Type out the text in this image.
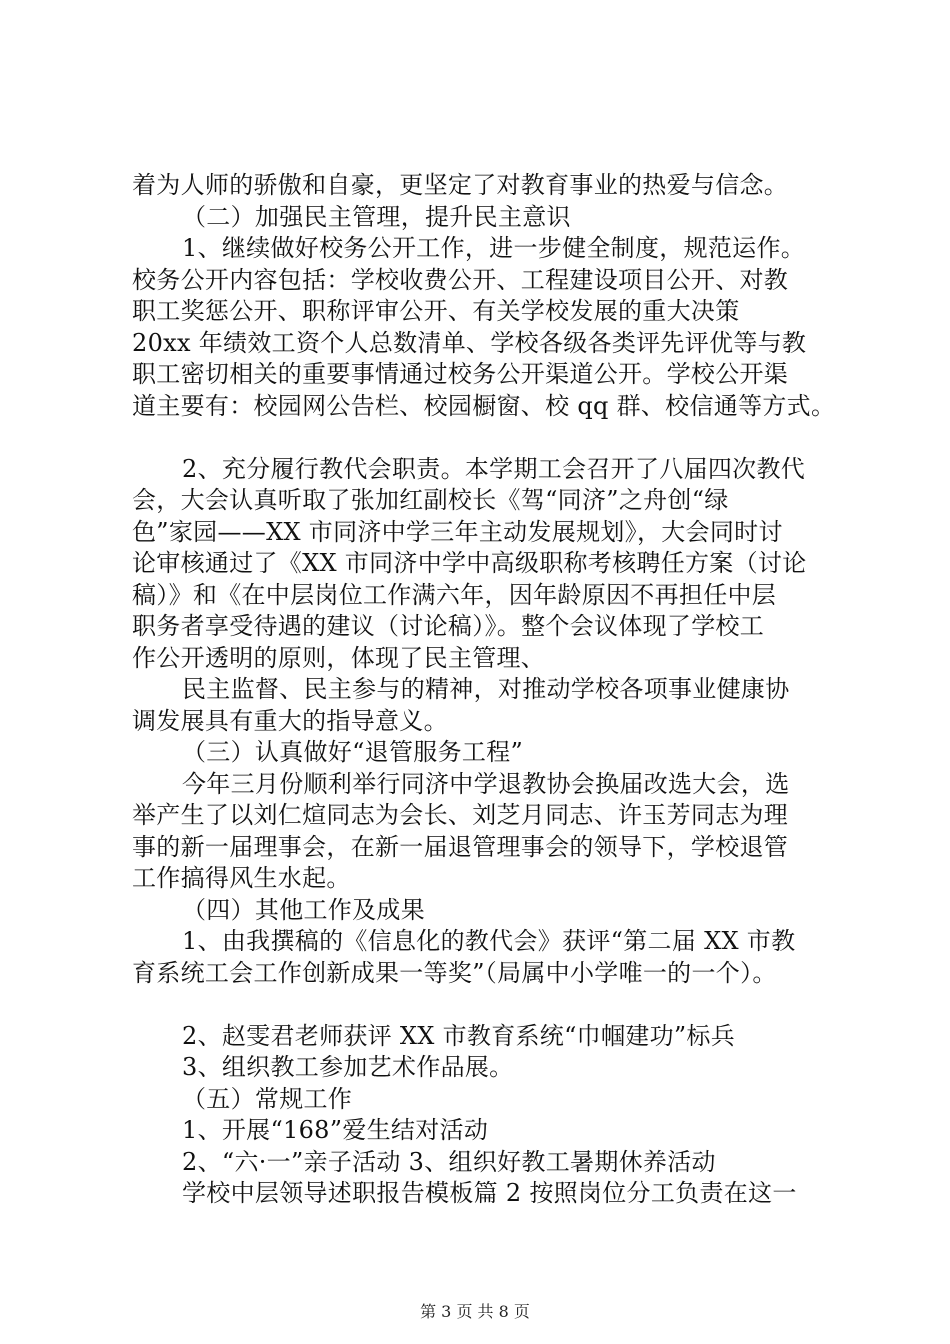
着为人师的骄傲和自豪，更坚定了对教育事业的热爱与信念。
（二）加强民主管理，提升民主意识
1、继续做好校务公开工作，进一步健全制度，规范运作。
校务公开内容包括：学校收费公开、工程建设项目公开、对教
职工奖惩公开、职称评审公开、有关学校发展的重大决策
20xx 年绩效工资个人总数清单、学校各级各类评先评优等与教
职工密切相关的重要事情通过校务公开渠道公开。学校公开渠
道主要有：校园网公告栏、校园橱窗、校 qq 群、校信通等方式。
2、充分履行教代会职责。本学期工会召开了八届四次教代
会，大会认真听取了张加红副校长《驾“同济”之舟创“绿
色”家园——XX 市同济中学三年主动发展规划》，大会同时讨
论审核通过了《XX 市同济中学中高级职称考核聘任方案（讨论
稿）》和《在中层岗位工作满六年，因年龄原因不再担任中层
职务者享受待遇的建议（讨论稿）》。整个会议体现了学校工
作公开透明的原则，体现了民主管理、
民主监督、民主参与的精神，对推动学校各项事业健康协
调发展具有重大的指导意义。
（三）认真做好“退管服务工程”
今年三月份顺利举行同济中学退教协会换届改选大会，选
举产生了以刘仁煊同志为会长、刘芝月同志、许玉芳同志为理
事的新一届理事会，在新一届退管理事会的领导下，学校退管
工作搞得风生水起。
（四）其他工作及成果
1、由我撰稿的《信息化的教代会》获评“第二届 XX 市教
育系统工会工作创新成果一等奖”（局属中小学唯一的一个）。
2、赵雯君老师获评 XX 市教育系统“巾帼建功”标兵
3、组织教工参加艺术作品展。
（五）常规工作
1、开展“168”爱生结对活动
2、“六·一”亲子活动 3、组织好教工暑期休养活动
学校中层领导述职报告模板篇 2 按照岗位分工负责在这一
第 3 页 共 8 页
